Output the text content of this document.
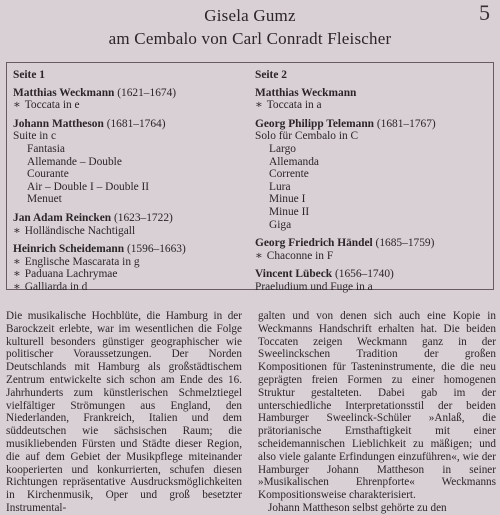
Gisela Gumz
am Cembalo von Carl Conradt Fleischer
5
Seite 1
Matthias Weckmann (1621–1674)
∗ Toccata in e
Johann Mattheson (1681–1764)
Suite in c
Fantasia
Allemande – Double
Courante
Air – Double I – Double II
Menuet
Jan Adam Reincken (1623–1722)
∗ Holländische Nachtigall
Heinrich Scheidemann (1596–1663)
∗ Englische Mascarata in g
∗ Paduana Lachrymae
∗ Galliarda in d
Seite 2
Matthias Weckmann
∗ Toccata in a
Georg Philipp Telemann (1681–1767)
Solo für Cembalo in C
Largo
Allemanda
Corrente
Lura
Minue I
Minue II
Giga
Georg Friedrich Händel (1685–1759)
∗ Chaconne in F
Vincent Lübeck (1656–1740)
Praeludium und Fuge in a
Die musikalische Hochblüte, die Hamburg in der Barockzeit erlebte, war im wesentlichen die Folge kulturell besonders günstiger geographischer wie politischer Voraussetzungen. Der Norden Deutschlands mit Hamburg als großstädtischem Zentrum entwickelte sich schon am Ende des 16. Jahrhunderts zum künstlerischen Schmelztiegel vielfältiger Strömungen aus England, den Niederlanden, Frankreich, Italien und dem süddeutschen wie sächsischen Raum; die musikliebenden Fürsten und Städte dieser Region, die auf dem Gebiet der Musikpflege miteinander kooperierten und konkurrierten, schufen diesen Richtungen repräsentative Ausdrucksmöglichkeiten in Kirchenmusik, Oper und groß besetzter Instrumental-
galten und von denen sich auch eine Kopie in Weckmanns Handschrift erhalten hat. Die beiden Toccaten zeigen Weckmann ganz in der Sweelinckschen Tradition der großen Kompositionen für Tasteninstrumente, die die neu geprägten freien Formen zu einer homogenen Struktur gestalteten. Dabei gab im der unterschiedliche Interpretationsstil der beiden Hamburger Sweelinck-Schüler »Anlaß, die prätorianische Ernsthaftigkeit mit einer scheidemannischen Lieblichkeit zu mäßigen; und also viele galante Erfindungen einzuführen«, wie der Hamburger Johann Mattheson in seiner »Musikalischen Ehrenpforte« Weckmanns Kompositionsweise charakterisiert.
Johann Mattheson selbst gehörte zu den
